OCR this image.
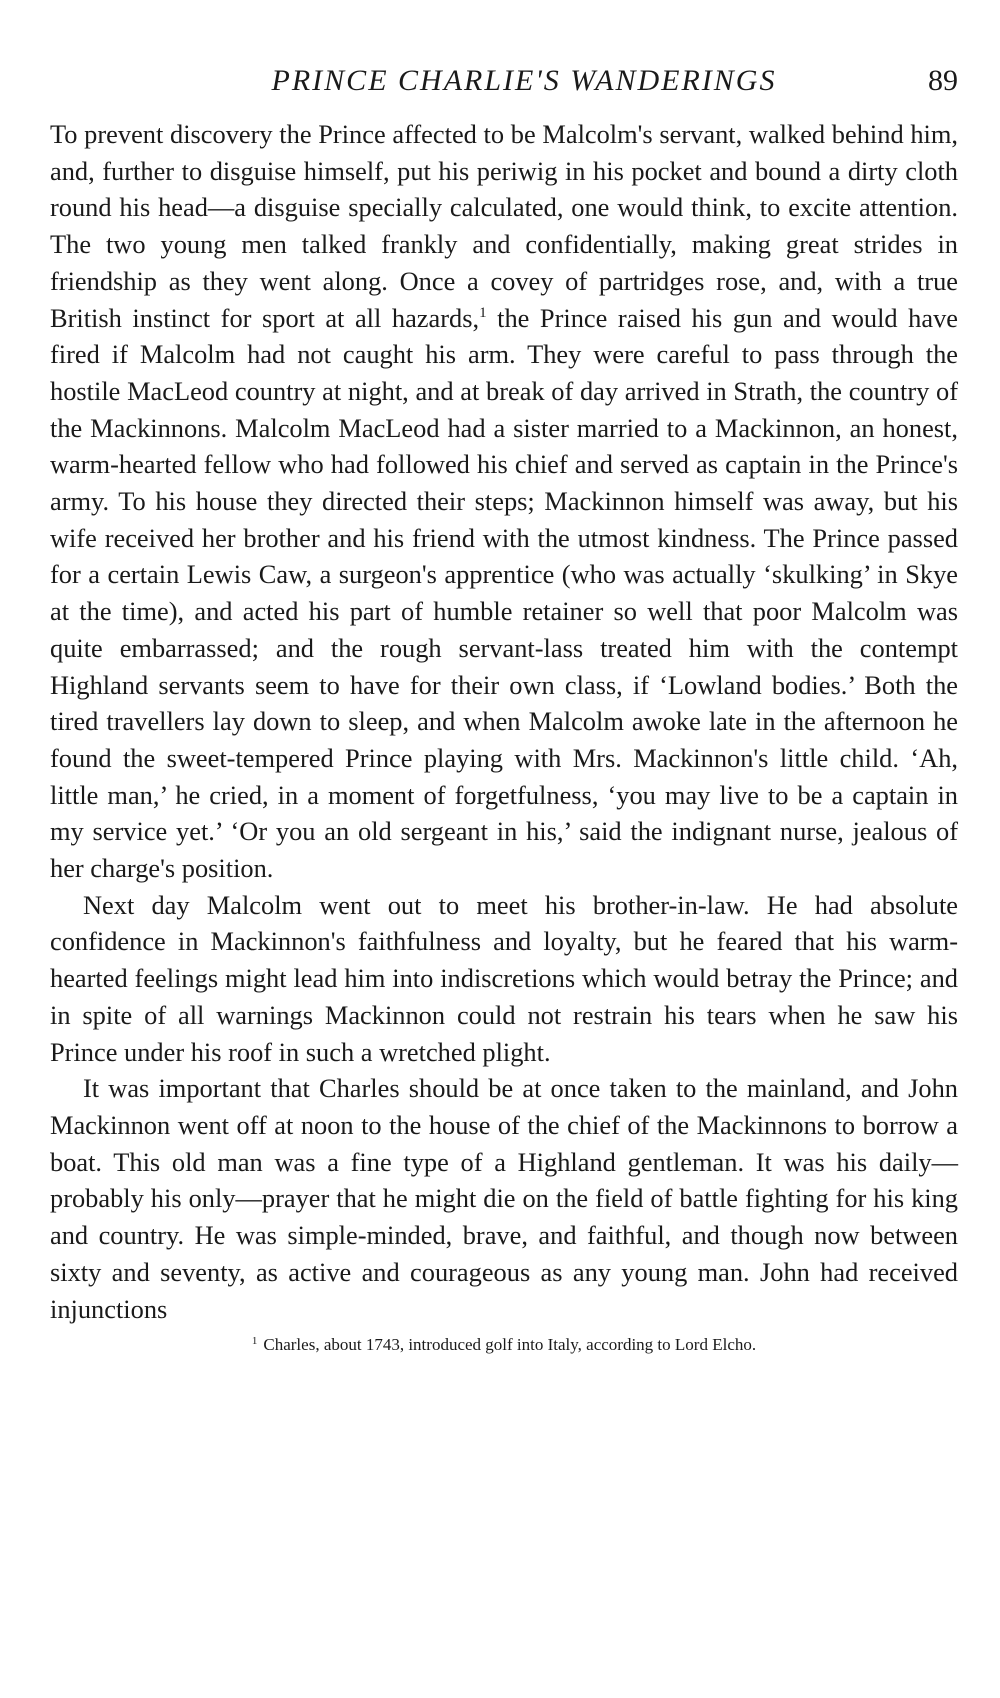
PRINCE CHARLIE'S WANDERINGS	89

To prevent discovery the Prince affected to be Malcolm's servant, walked behind him, and, further to disguise himself, put his periwig in his pocket and bound a dirty cloth round his head—a disguise specially calculated, one would think, to excite attention. The two young men talked frankly and confidentially, making great strides in friendship as they went along. Once a covey of partridges rose, and, with a true British instinct for sport at all hazards,$^1$ the Prince raised his gun and would have fired if Malcolm had not caught his arm. They were careful to pass through the hostile MacLeod country at night, and at break of day arrived in Strath, the country of the Mackinnons. Malcolm MacLeod had a sister married to a Mackinnon, an honest, warm-hearted fellow who had followed his chief and served as captain in the Prince's army. To his house they directed their steps; Mackinnon himself was away, but his wife received her brother and his friend with the utmost kindness. The Prince passed for a certain Lewis Caw, a surgeon's apprentice (who was actually ‘skulking’ in Skye at the time), and acted his part of humble retainer so well that poor Malcolm was quite embarrassed; and the rough servant-lass treated him with the contempt Highland servants seem to have for their own class, if ‘Lowland bodies.’ Both the tired travellers lay down to sleep, and when Malcolm awoke late in the afternoon he found the sweet-tempered Prince playing with Mrs. Mackinnon's little child. ‘Ah, little man,’ he cried, in a moment of forgetfulness, ‘you may live to be a captain in my service yet.’ ‘Or you an old sergeant in his,’ said the indignant nurse, jealous of her charge's position.

Next day Malcolm went out to meet his brother-in-law. He had absolute confidence in Mackinnon's faithfulness and loyalty, but he feared that his warm-hearted feelings might lead him into indiscretions which would betray the Prince; and in spite of all warnings Mackinnon could not restrain his tears when he saw his Prince under his roof in such a wretched plight.

It was important that Charles should be at once taken to the mainland, and John Mackinnon went off at noon to the house of the chief of the Mackinnons to borrow a boat. This old man was a fine type of a Highland gentleman. It was his daily—probably his only—prayer that he might die on the field of battle fighting for his king and country. He was simple-minded, brave, and faithful, and though now between sixty and seventy, as active and courageous as any young man. John had received injunctions

$^1$ Charles, about 1743, introduced golf into Italy, according to Lord Elcho.
